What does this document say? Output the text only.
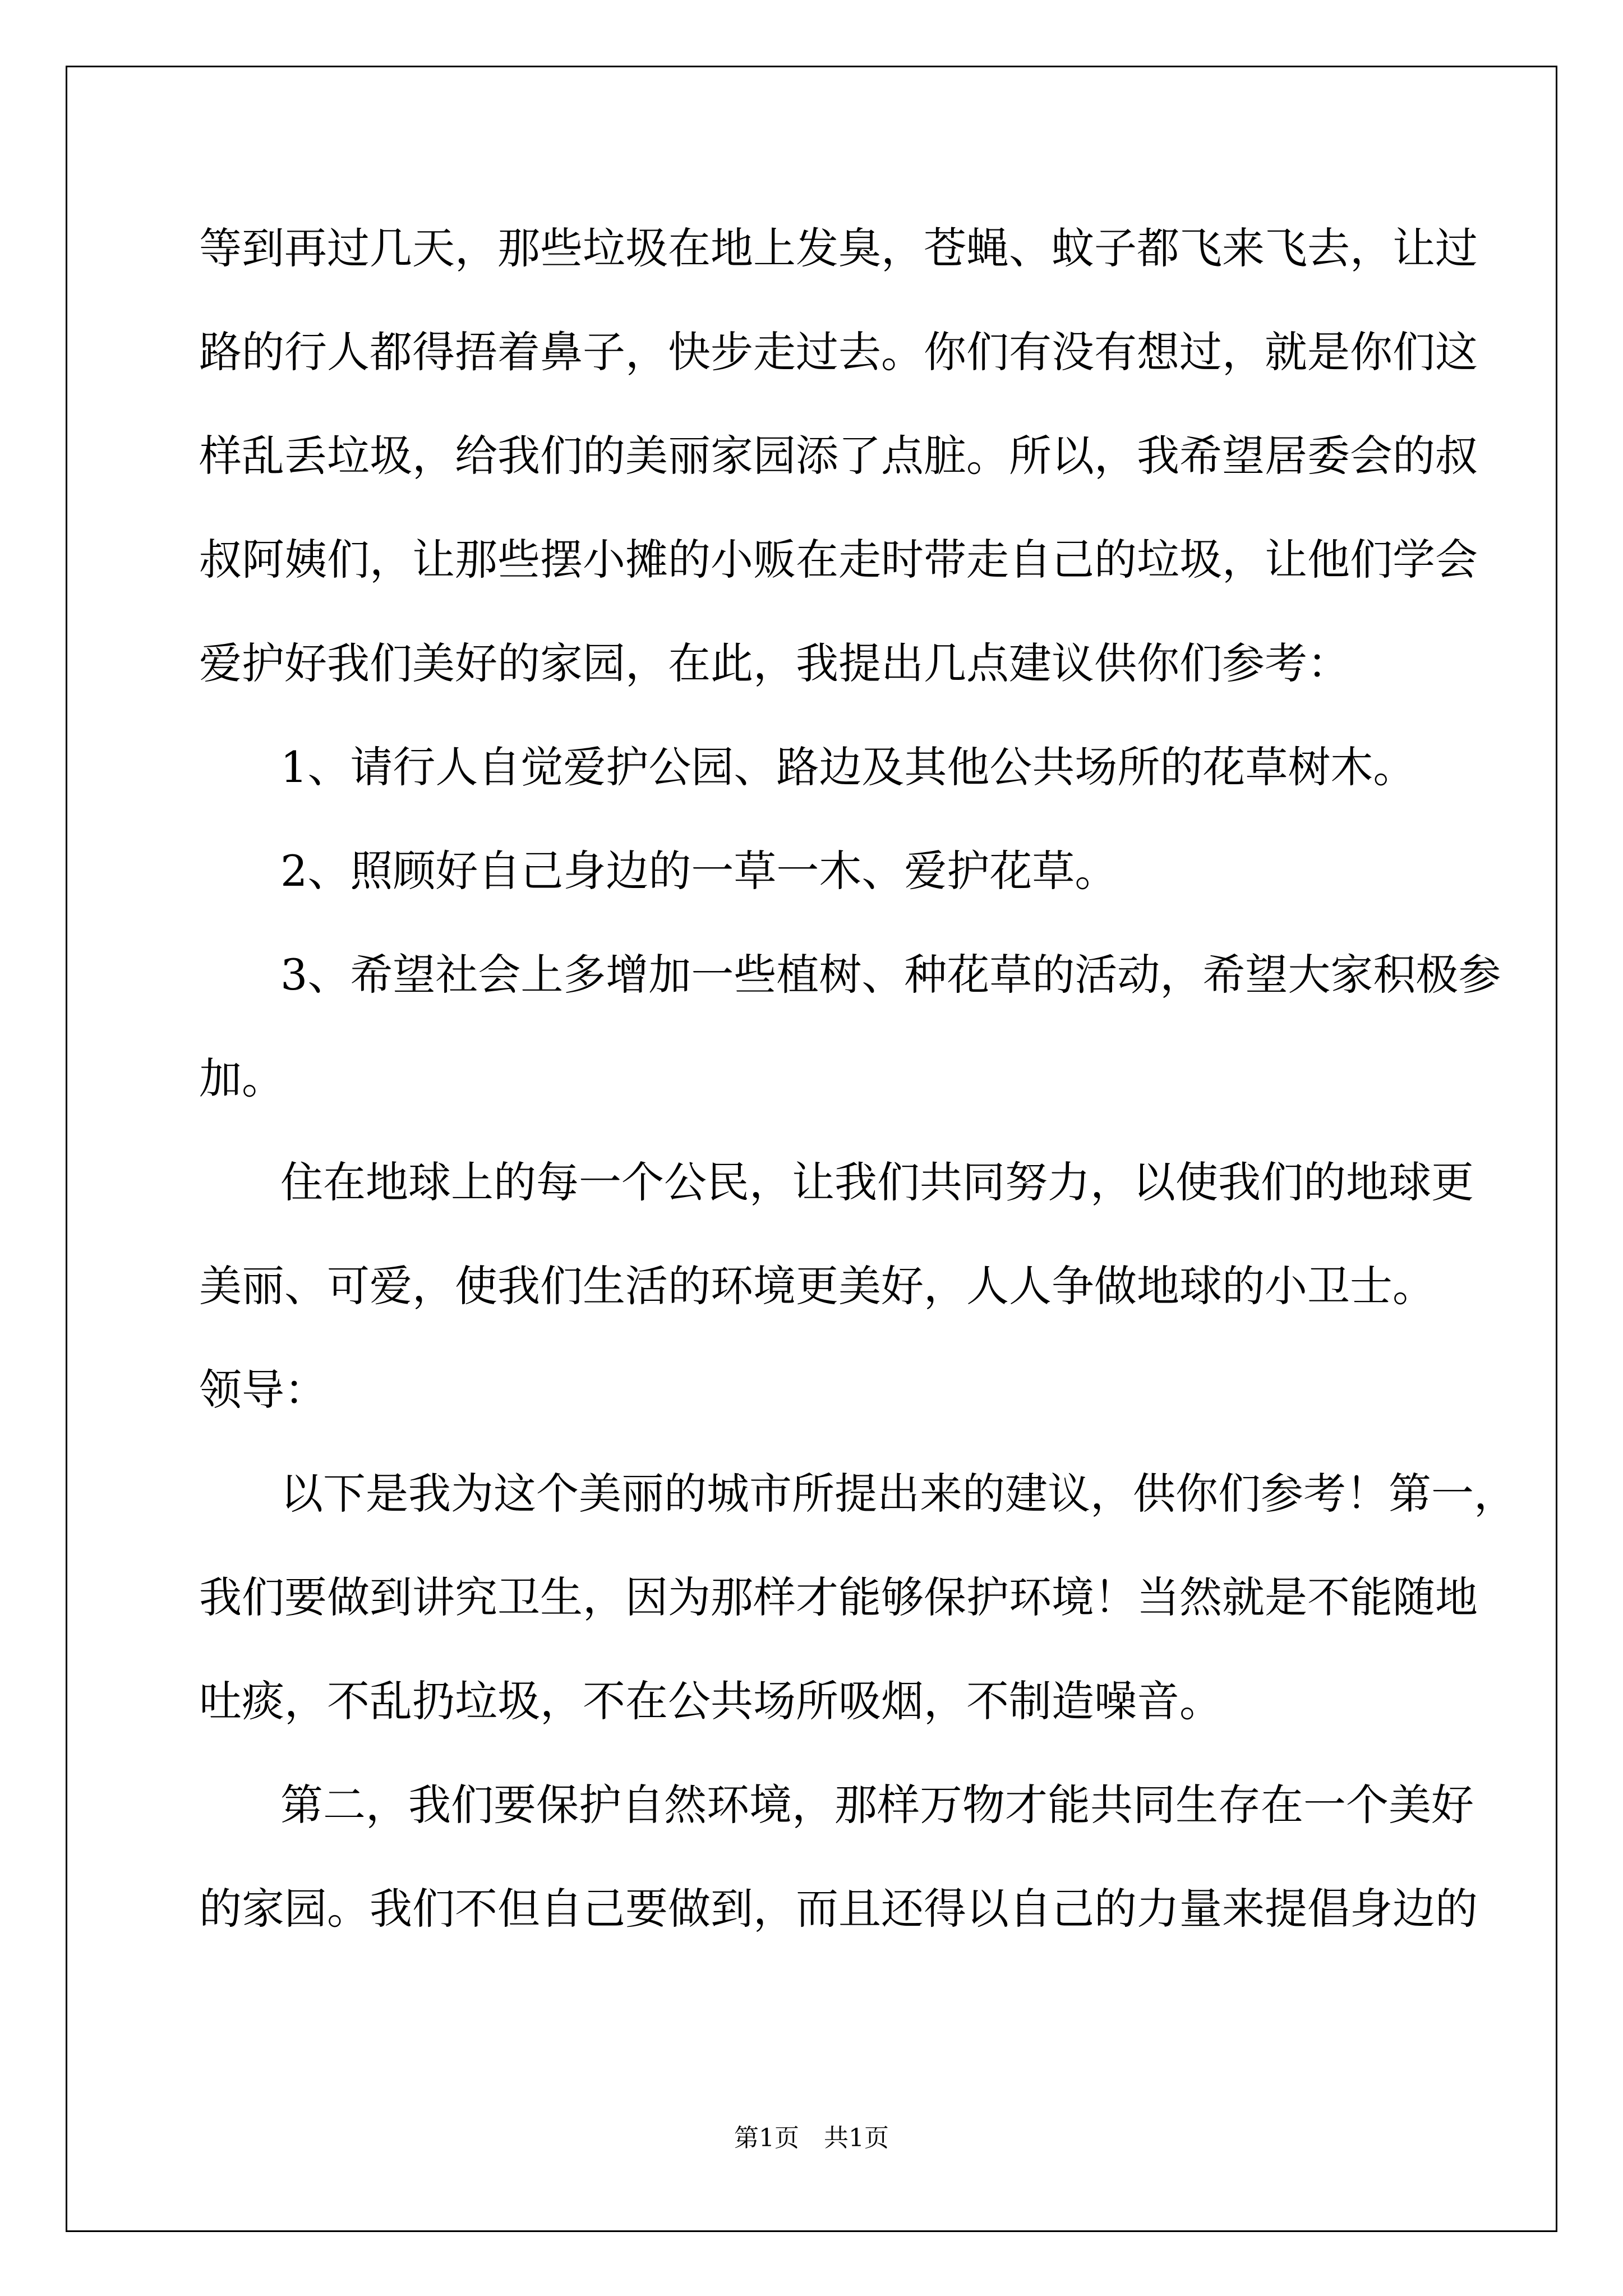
等到再过几天，那些垃圾在地上发臭，苍蝇、蚊子都飞来飞去，让过
路的行人都得捂着鼻子，快步走过去。你们有没有想过，就是你们这
样乱丢垃圾，给我们的美丽家园添了点脏。所以，我希望居委会的叔
叔阿姨们，让那些摆小摊的小贩在走时带走自己的垃圾，让他们学会
爱护好我们美好的家园，在此，我提出几点建议供你们参考：
1、请行人自觉爱护公园、路边及其他公共场所的花草树木。
2、照顾好自己身边的一草一木、爱护花草。
3、希望社会上多增加一些植树、种花草的活动，希望大家积极参
加。
住在地球上的每一个公民，让我们共同努力，以使我们的地球更
美丽、可爱，使我们生活的环境更美好，人人争做地球的小卫士。
领导：
以下是我为这个美丽的城市所提出来的建议，供你们参考！第一，
我们要做到讲究卫生，因为那样才能够保护环境！当然就是不能随地
吐痰，不乱扔垃圾，不在公共场所吸烟，不制造噪音。
第二，我们要保护自然环境，那样万物才能共同生存在一个美好
的家园。我们不但自己要做到，而且还得以自己的力量来提倡身边的
第1页　共1页
